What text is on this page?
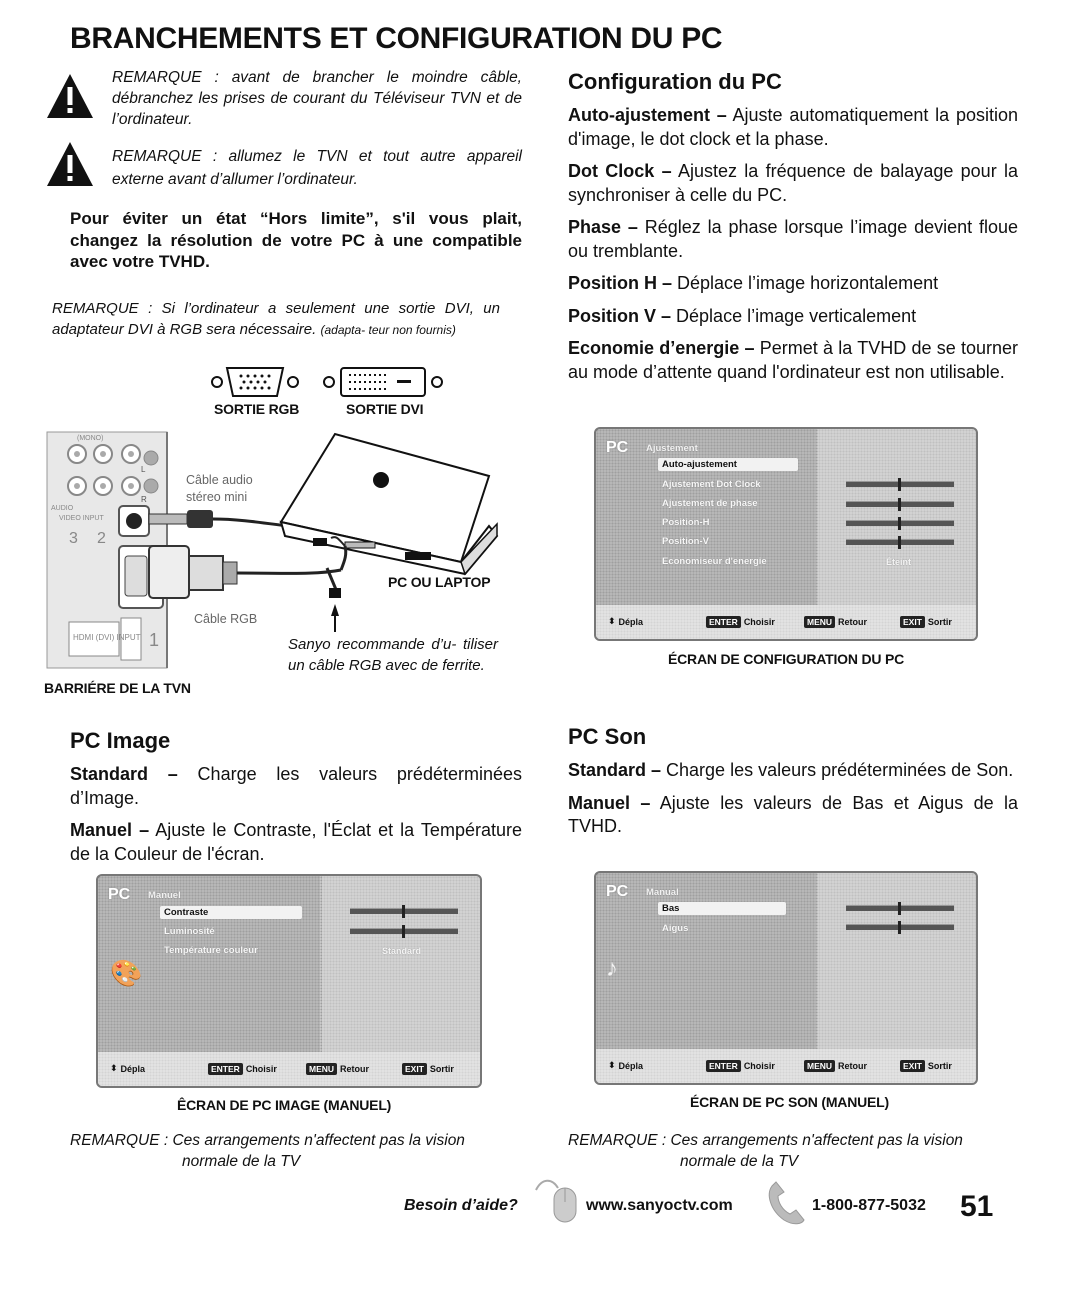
BRANCHEMENTS ET CONFIGURATION DU PC
REMARQUE : avant de brancher le moindre câble, débranchez les prises de courant du Téléviseur TVN et de l’ordinateur.
REMARQUE : allumez le TVN et tout autre appareil externe avant d’allumer l’ordinateur.
Pour éviter un état “Hors limite”, s'il vous plait, changez la résolution de votre PC à une compatible avec votre TVHD.
REMARQUE : Si l’ordinateur a seulement une sortie DVI, un adaptateur DVI à RGB sera nécessaire. (adapta- teur non fournis)
(MONO)
AUDIO
VIDEO INPUT
3 2
HDMI (DVI) INPUT 1
L
R
SORTIE RGB	SORTIE DVI
Câble audio stéreo mini
PC OU LAPTOP
Câble RGB
Sanyo recommande d’u- tiliser un câble RGB avec de ferrite.
BARRIÉRE DE LA TVN
Configuration du PC

Auto-ajustement – Ajuste automatiquement la position d'image, le dot clock et la phase.

Dot Clock – Ajustez la fréquence de balayage pour la synchroniser à celle du PC.

Phase – Réglez la phase lorsque l’image devient floue ou tremblante.

Position H – Déplace l’image horizontalement

Position V – Déplace l’image verticalement

Economie d’energie – Permet à la TVHD de se tourner au mode d’attente quand l'ordinateur est non utilisable.

PC Ajustement
Auto-ajustement
Ajustement Dot Clock
Ajustement de phase
Position-H
Position-V
Economiseur d'energie	Éteint
⬍ Dépla	ENTER Choisir	MENU Retour	EXIT Sortir
ÉCRAN DE CONFIGURATION DU PC
PC Image

Standard – Charge les valeurs prédéterminées d’Image.

Manuel – Ajuste le Contraste, l'Éclat et la Température de la Couleur de l'écran.

PC Manuel
Contraste
Luminosité
Température couleur	Standard
🎨
⬍ Dépla	ENTER Choisir	MENU Retour	EXIT Sortir
ÊCRAN DE PC IMAGE (MANUEL)
REMARQUE : Ces arrangements n'affectent pas la vision
normale de la TV
PC Son

Standard – Charge les valeurs prédéterminées de Son.

Manuel – Ajuste les valeurs de Bas et Aigus de la TVHD.

PC Manual
Bas
Aigus
♪
⬍ Dépla	ENTER Choisir	MENU Retour	EXIT Sortir
ÉCRAN DE PC SON (MANUEL)
REMARQUE : Ces arrangements n'affectent pas la vision
normale de la TV
Besoin d’aide?	www.sanyoctv.com	1-800-877-5032 51
